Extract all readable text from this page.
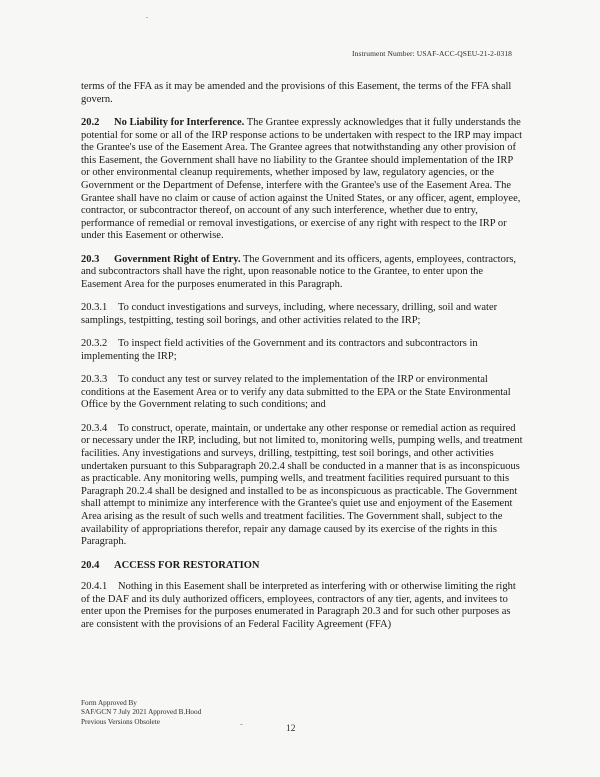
Instrument Number: USAF-ACC-QSEU-21-2-0318

terms of the FFA as it may be amended and the provisions of this Easement, the terms of the FFA shall govern.

20.2 No Liability for Interference. The Grantee expressly acknowledges that it fully understands the potential for some or all of the IRP response actions to be undertaken with respect to the IRP may impact the Grantee's use of the Easement Area. The Grantee agrees that notwithstanding any other provision of this Easement, the Government shall have no liability to the Grantee should implementation of the IRP or other environmental cleanup requirements, whether imposed by law, regulatory agencies, or the Government or the Department of Defense, interfere with the Grantee's use of the Easement Area. The Grantee shall have no claim or cause of action against the United States, or any officer, agent, employee, contractor, or subcontractor thereof, on account of any such interference, whether due to entry, performance of remedial or removal investigations, or exercise of any right with respect to the IRP or under this Easement or otherwise.

20.3 Government Right of Entry. The Government and its officers, agents, employees, contractors, and subcontractors shall have the right, upon reasonable notice to the Grantee, to enter upon the Easement Area for the purposes enumerated in this Paragraph.

20.3.1 To conduct investigations and surveys, including, where necessary, drilling, soil and water samplings, testpitting, testing soil borings, and other activities related to the IRP;

20.3.2 To inspect field activities of the Government and its contractors and subcontractors in implementing the IRP;

20.3.3 To conduct any test or survey related to the implementation of the IRP or environmental conditions at the Easement Area or to verify any data submitted to the EPA or the State Environmental Office by the Government relating to such conditions; and

20.3.4 To construct, operate, maintain, or undertake any other response or remedial action as required or necessary under the IRP, including, but not limited to, monitoring wells, pumping wells, and treatment facilities. Any investigations and surveys, drilling, testpitting, test soil borings, and other activities undertaken pursuant to this Subparagraph 20.2.4 shall be conducted in a manner that is as inconspicuous as practicable. Any monitoring wells, pumping wells, and treatment facilities required pursuant to this Paragraph 20.2.4 shall be designed and installed to be as inconspicuous as practicable. The Government shall attempt to minimize any interference with the Grantee's quiet use and enjoyment of the Easement Area arising as the result of such wells and treatment facilities. The Government shall, subject to the availability of appropriations therefor, repair any damage caused by its exercise of the rights in this Paragraph.

20.4 ACCESS FOR RESTORATION

20.4.1 Nothing in this Easement shall be interpreted as interfering with or otherwise limiting the right of the DAF and its duly authorized officers, employees, contractors of any tier, agents, and invitees to enter upon the Premises for the purposes enumerated in Paragraph 20.3 and for such other purposes as are consistent with the provisions of an Federal Facility Agreement (FFA)

Form Approved By
SAF/GCN 7 July 2021 Approved B.Hood
Previous Versions Obsolete
12
